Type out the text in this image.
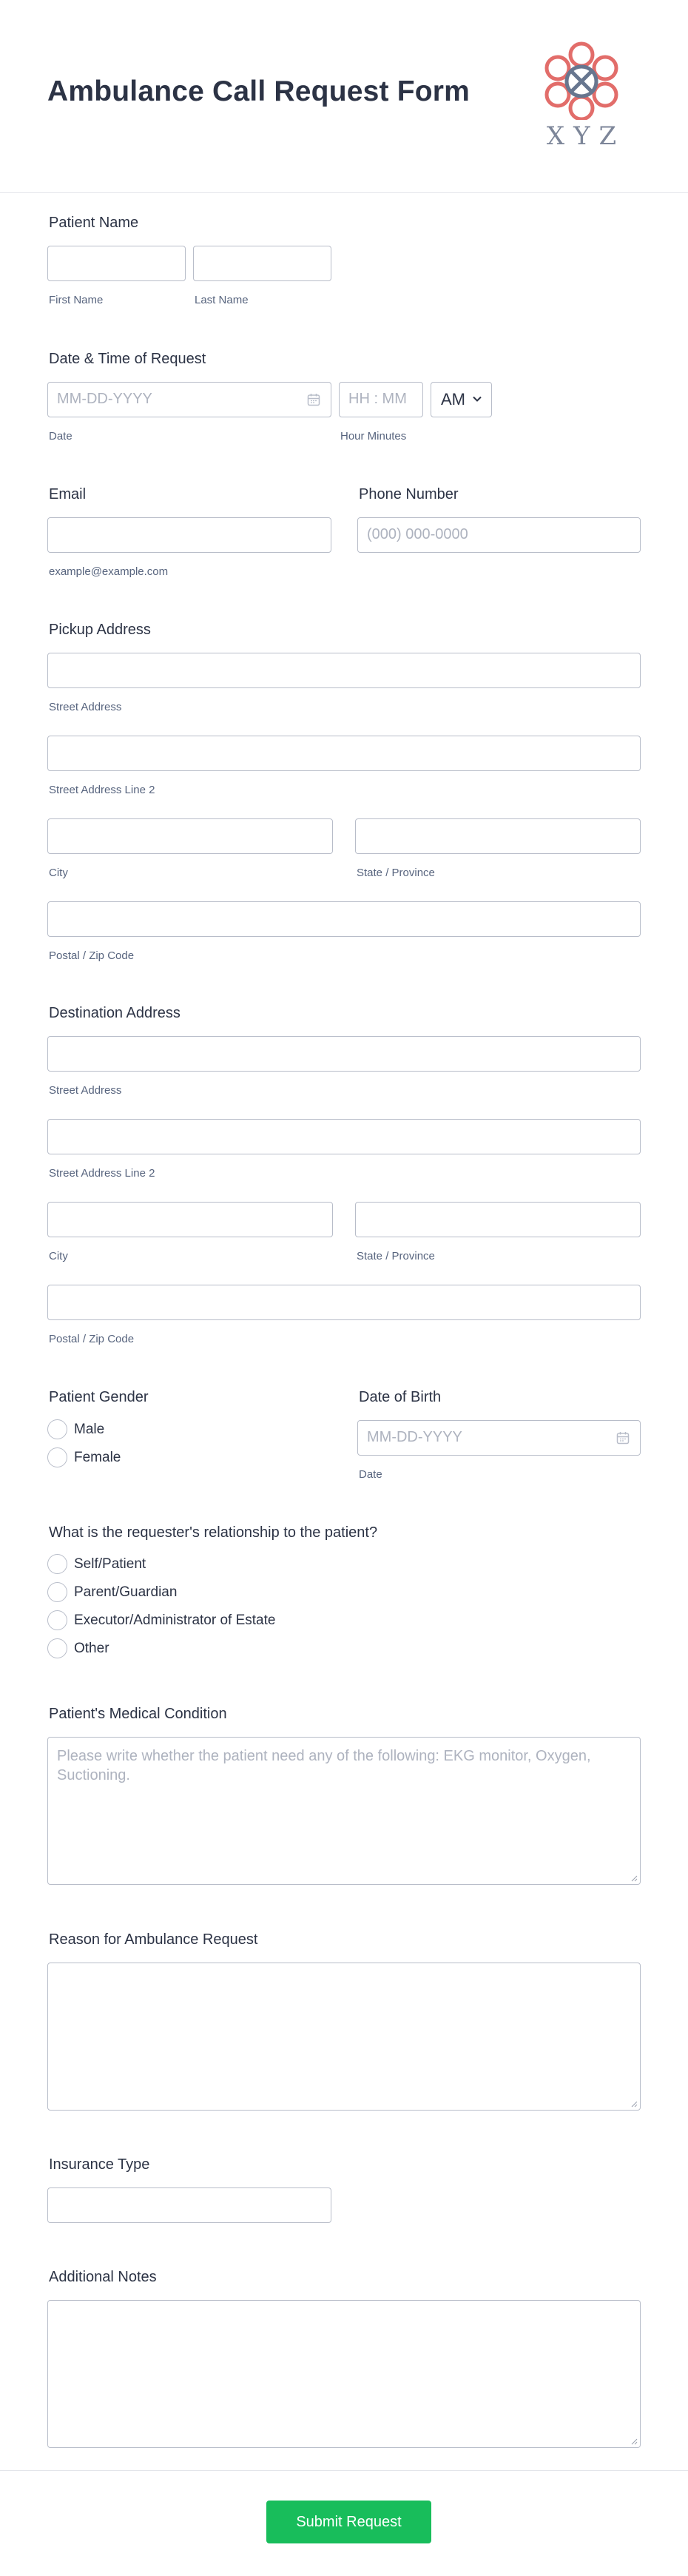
Ambulance Call Request Form
XYZ
Patient Name
First Name	Last Name
Date & Time of Request
MM-DD-YYYY	HH : MM	AM
Date	Hour Minutes
Email
example@example.com
Phone Number
(000) 000-0000
Pickup Address
Street Address
Street Address Line 2
City	State / Province
Postal / Zip Code
Destination Address
Street Address
Street Address Line 2
City	State / Province
Postal / Zip Code
Patient Gender
Male
Female
Date of Birth
MM-DD-YYYY
Date
What is the requester's relationship to the patient?
Self/Patient
Parent/Guardian
Executor/Administrator of Estate
Other
Patient's Medical Condition
Please write whether the patient need any of the following: EKG monitor, Oxygen, Suctioning.
Reason for Ambulance Request
Insurance Type
Additional Notes
Submit Request
